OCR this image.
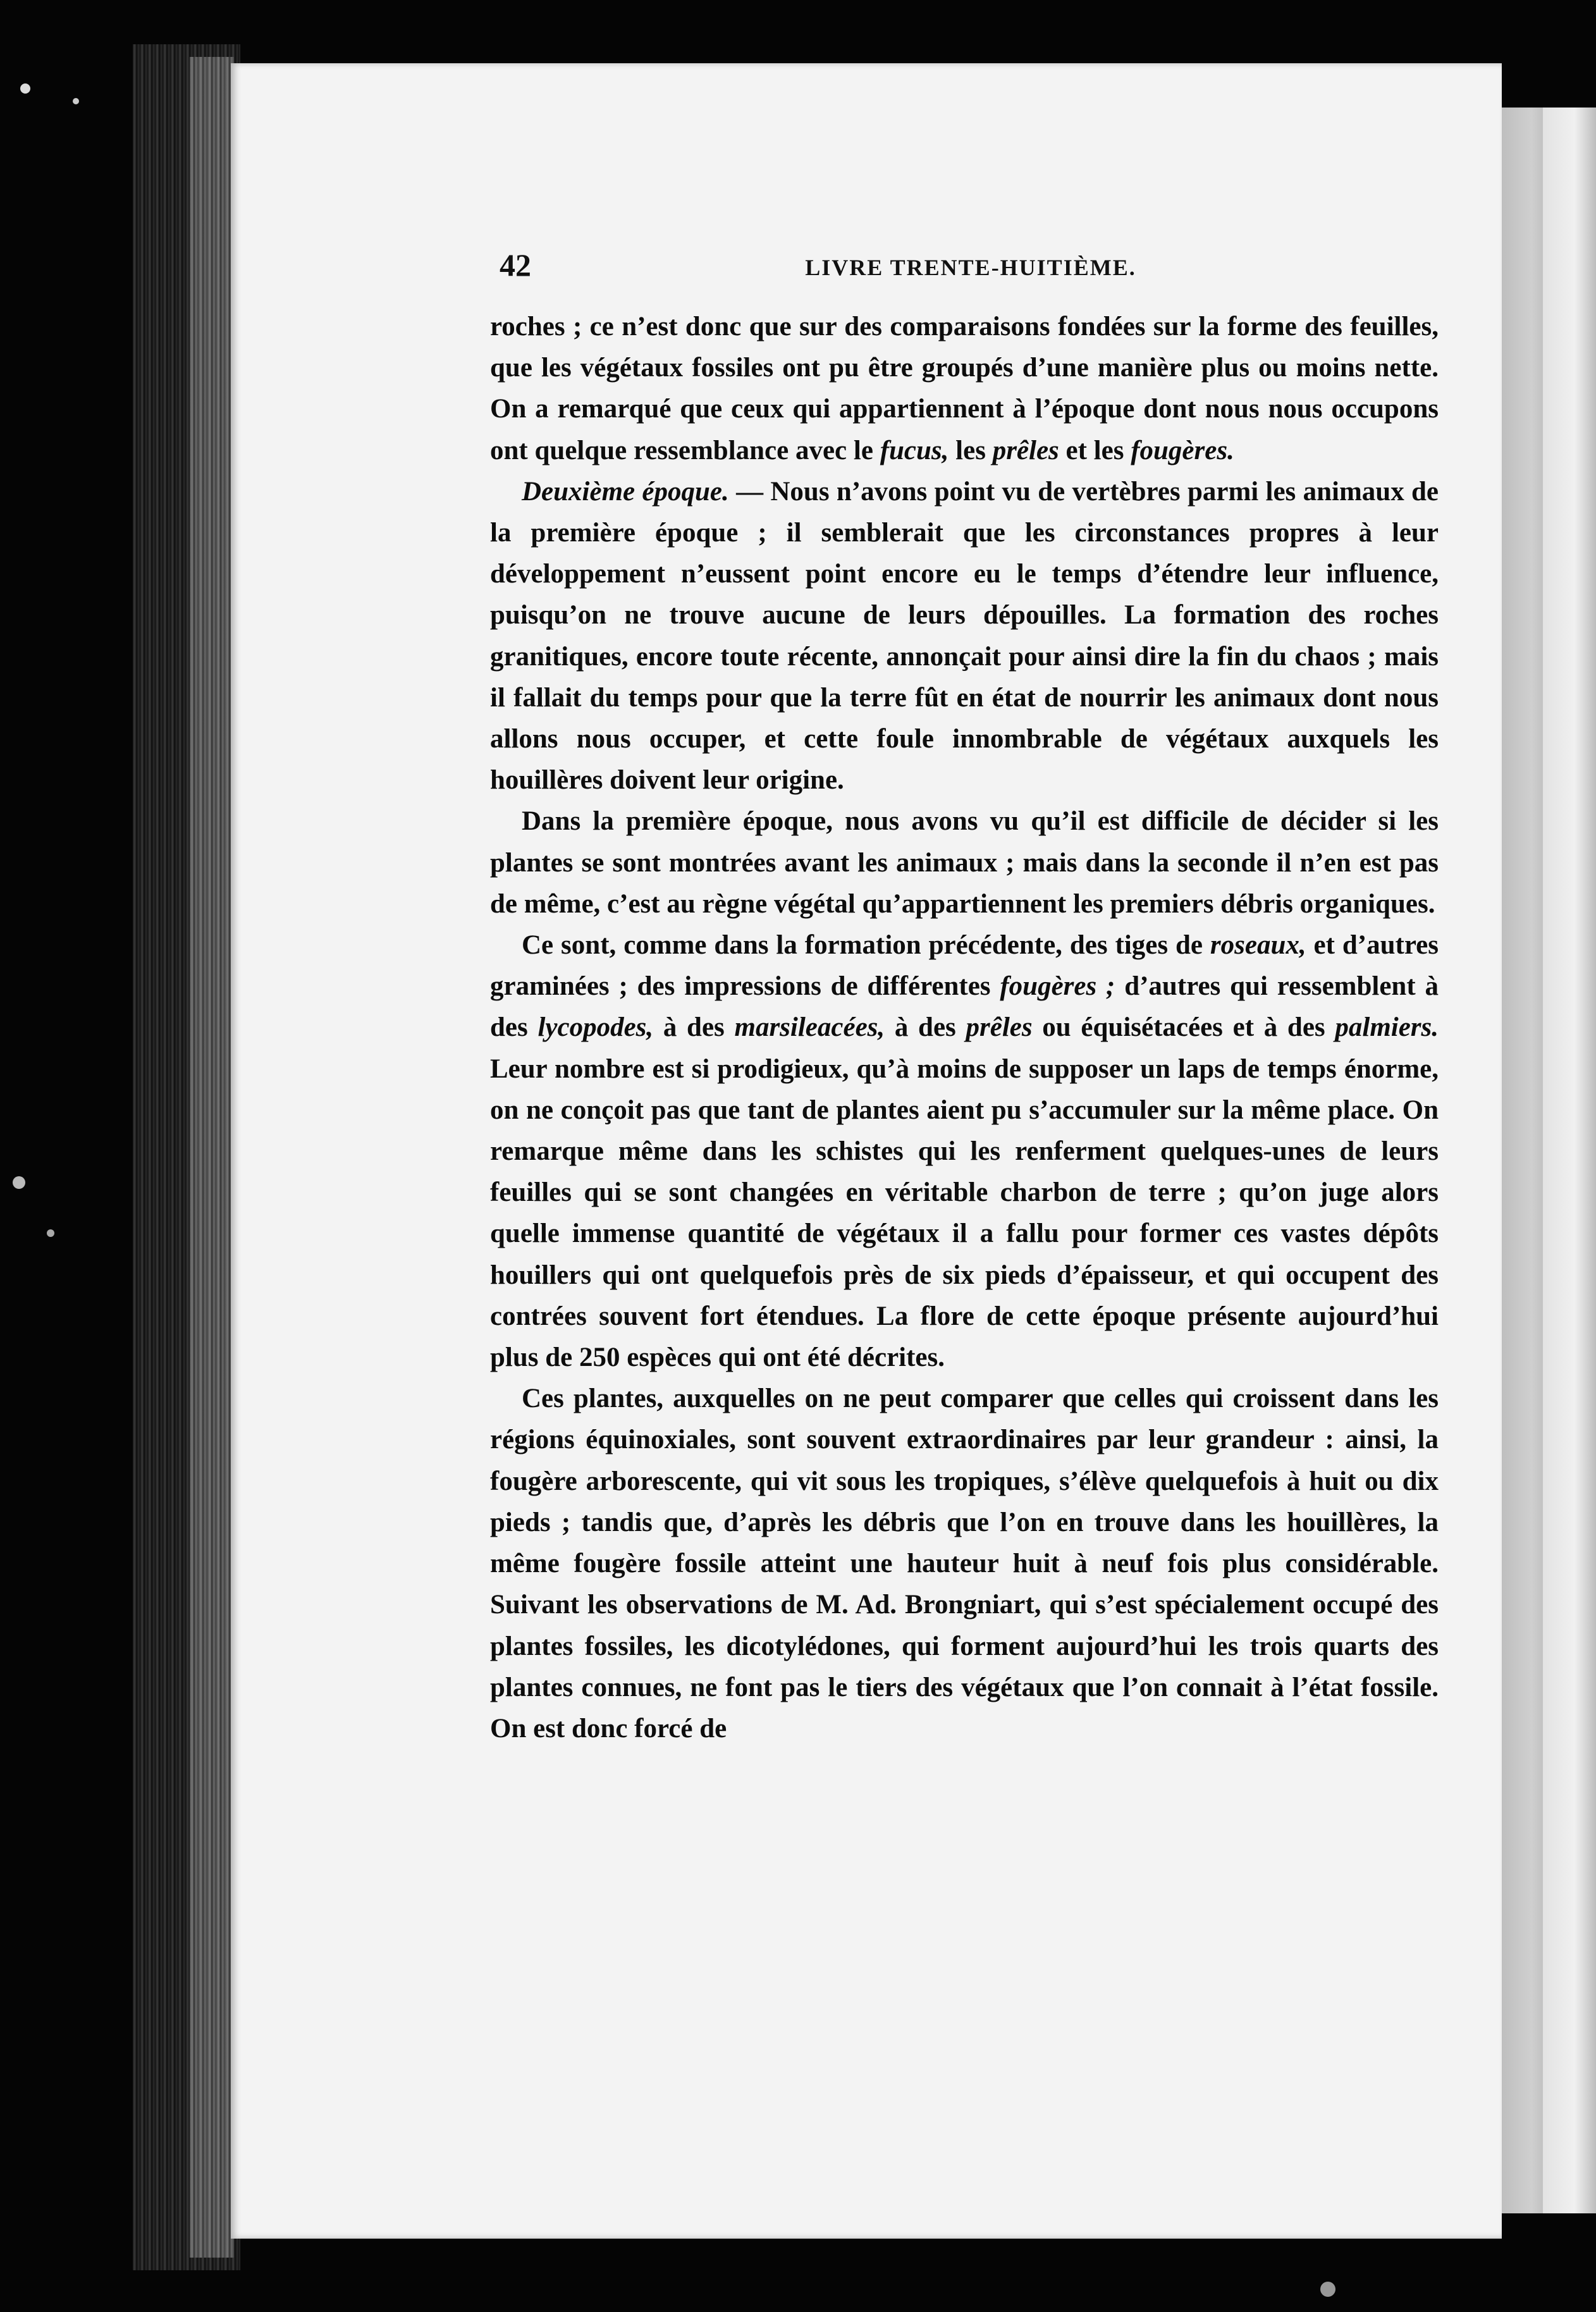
42	LIVRE TRENTE-HUITIÈME.

roches ; ce n’est donc que sur des comparaisons fondées sur la forme des feuilles, que les végétaux fossiles ont pu être groupés d’une manière plus ou moins nette. On a remarqué que ceux qui appartiennent à l’époque dont nous nous occupons ont quelque ressemblance avec le fucus, les prêles et les fougères.

Deuxième époque. — Nous n’avons point vu de vertèbres parmi les animaux de la première époque ; il semblerait que les circonstances propres à leur développement n’eussent point encore eu le temps d’étendre leur influence, puisqu’on ne trouve aucune de leurs dépouilles. La formation des roches granitiques, encore toute récente, annonçait pour ainsi dire la fin du chaos ; mais il fallait du temps pour que la terre fût en état de nourrir les animaux dont nous allons nous occuper, et cette foule innombrable de végétaux auxquels les houillères doivent leur origine.

Dans la première époque, nous avons vu qu’il est difficile de décider si les plantes se sont montrées avant les animaux ; mais dans la seconde il n’en est pas de même, c’est au règne végétal qu’appartiennent les premiers débris organiques.

Ce sont, comme dans la formation précédente, des tiges de roseaux, et d’autres graminées ; des impressions de différentes fougères ; d’autres qui ressemblent à des lycopodes, à des marsileacées, à des prêles ou équisétacées et à des palmiers. Leur nombre est si prodigieux, qu’à moins de supposer un laps de temps énorme, on ne conçoit pas que tant de plantes aient pu s’accumuler sur la même place. On remarque même dans les schistes qui les renferment quelques-unes de leurs feuilles qui se sont changées en véritable charbon de terre ; qu’on juge alors quelle immense quantité de végétaux il a fallu pour former ces vastes dépôts houillers qui ont quelquefois près de six pieds d’épaisseur, et qui occupent des contrées souvent fort étendues. La flore de cette époque présente aujourd’hui plus de 250 espèces qui ont été décrites.

Ces plantes, auxquelles on ne peut comparer que celles qui croissent dans les régions équinoxiales, sont souvent extraordinaires par leur grandeur : ainsi, la fougère arborescente, qui vit sous les tropiques, s’élève quelquefois à huit ou dix pieds ; tandis que, d’après les débris que l’on en trouve dans les houillères, la même fougère fossile atteint une hauteur huit à neuf fois plus considérable. Suivant les observations de M. Ad. Brongniart, qui s’est spécialement occupé des plantes fossiles, les dicotylédones, qui forment aujourd’hui les trois quarts des plantes connues, ne font pas le tiers des végétaux que l’on connait à l’état fossile. On est donc forcé de
